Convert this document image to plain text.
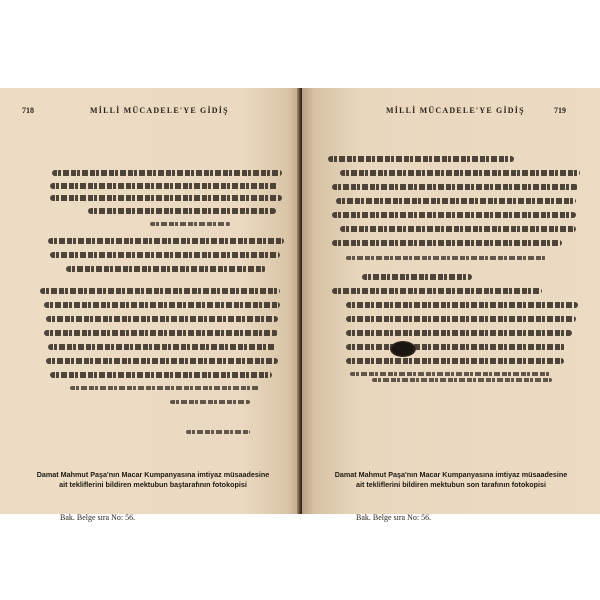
718	MİLLİ MÜCADELE'YE GİDİŞ
Damat Mahmut Paşa'nın Macar Kumpanyasına imtiyaz müsaadesine
ait tekliflerini bildiren mektubun baştarafının fotokopisi
Bak. Belge sıra No: 56.
MİLLİ MÜCADELE'YE GİDİŞ	719
Damat Mahmut Paşa'nın Macar Kumpanyasına imtiyaz müsaadesine
ait tekliflerini bildiren mektubun son tarafının fotokopisi
Bak. Belge sıra No: 56.
